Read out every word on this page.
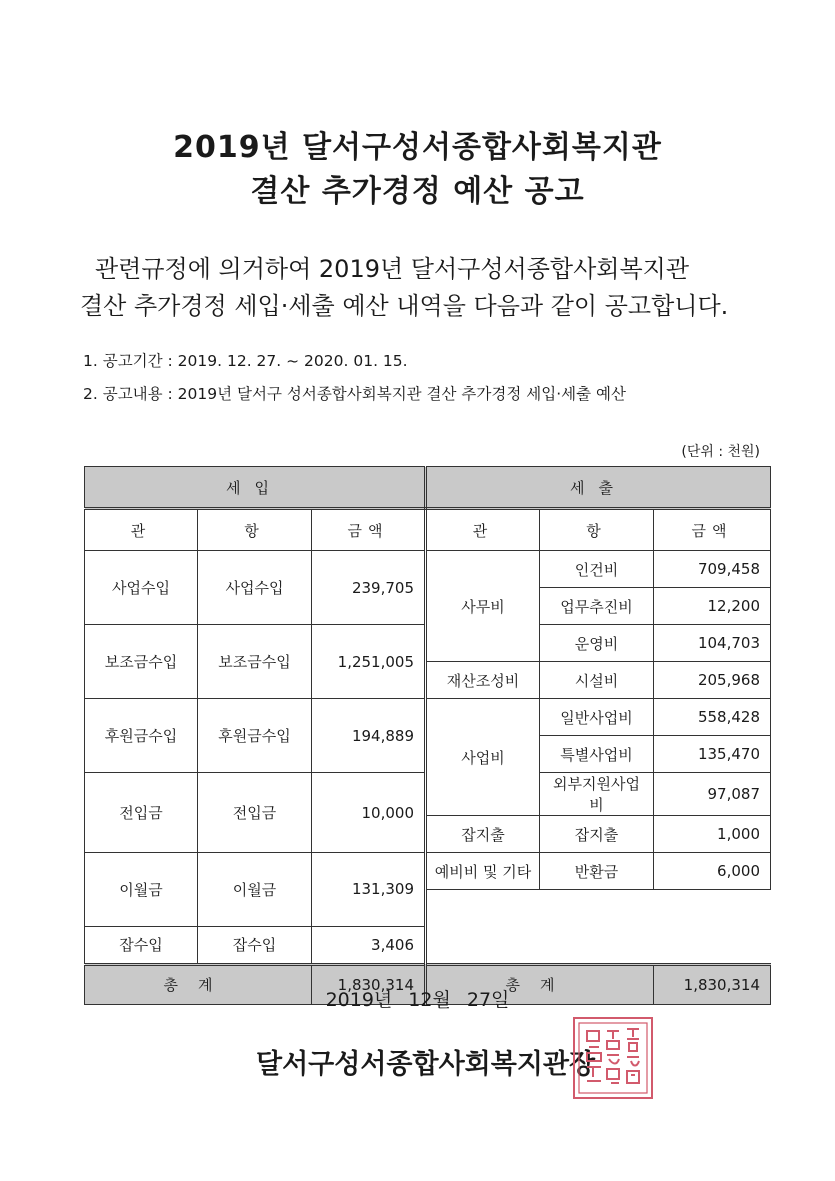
2019년 달서구성서종합사회복지관
결산 추가경정 예산 공고

관련규정에 의거하여 2019년 달서구성서종합사회복지관

결산 추가경정 세입·세출 예산 내역을 다음과 같이 공고합니다.

1. 공고기간 : 2019. 12. 27. ~ 2020. 01. 15.

2. 공고내용 : 2019년 달서구 성서종합사회복지관 결산 추가경정 세입·세출 예산

(단위 : 천원)

세입			세출		
관	항	금액	관	항	금액
사업수입	사업수입	239,705	사무비	인건비	709,458
				업무추진비	12,200
보조금수입	보조금수입	1,251,005		운영비	104,703
			재산조성비	시설비	205,968
후원금수입	후원금수입	194,889	사업비	일반사업비	558,428
				특별사업비	135,470
전입금	전입금	10,000		외부지원사업비	97,087
			잡지출	잡지출	1,000
이월금	이월금	131,309	예비비 및 기타	반환금	6,000

잡수입	잡수입	3,406			
총계		1,830,314	총계		1,830,314

2019년 12월 27일

달서구성서종합사회복지관장
